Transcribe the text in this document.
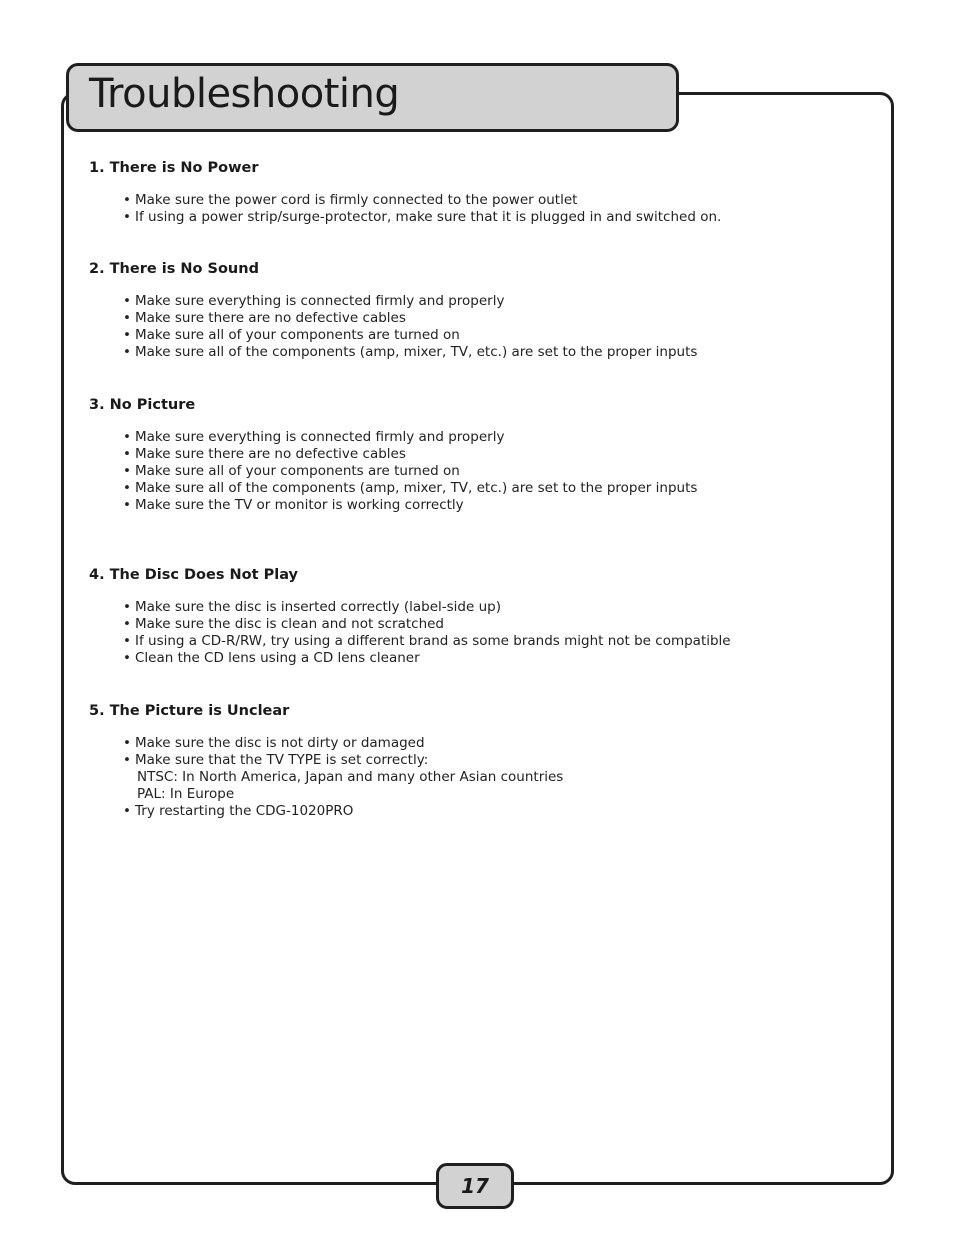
Troubleshooting
1. There is No Power
• Make sure the power cord is firmly connected to the power outlet
• If using a power strip/surge-protector, make sure that it is plugged in and switched on.
2. There is No Sound
• Make sure everything is connected firmly and properly
• Make sure there are no defective cables
• Make sure all of your components are turned on
• Make sure all of the components (amp, mixer, TV, etc.) are set to the proper inputs
3. No Picture
• Make sure everything is connected firmly and properly
• Make sure there are no defective cables
• Make sure all of your components are turned on
• Make sure all of the components (amp, mixer, TV, etc.) are set to the proper inputs
• Make sure the TV or monitor is working correctly
4. The Disc Does Not Play
• Make sure the disc is inserted correctly (label-side up)
• Make sure the disc is clean and not scratched
• If using a CD-R/RW, try using a different brand as some brands might not be compatible
• Clean the CD lens using a CD lens cleaner
5. The Picture is Unclear
• Make sure the disc is not dirty or damaged
• Make sure that the TV TYPE is set correctly:
NTSC: In North America, Japan and many other Asian countries
PAL: In Europe
• Try restarting the CDG-1020PRO
17
